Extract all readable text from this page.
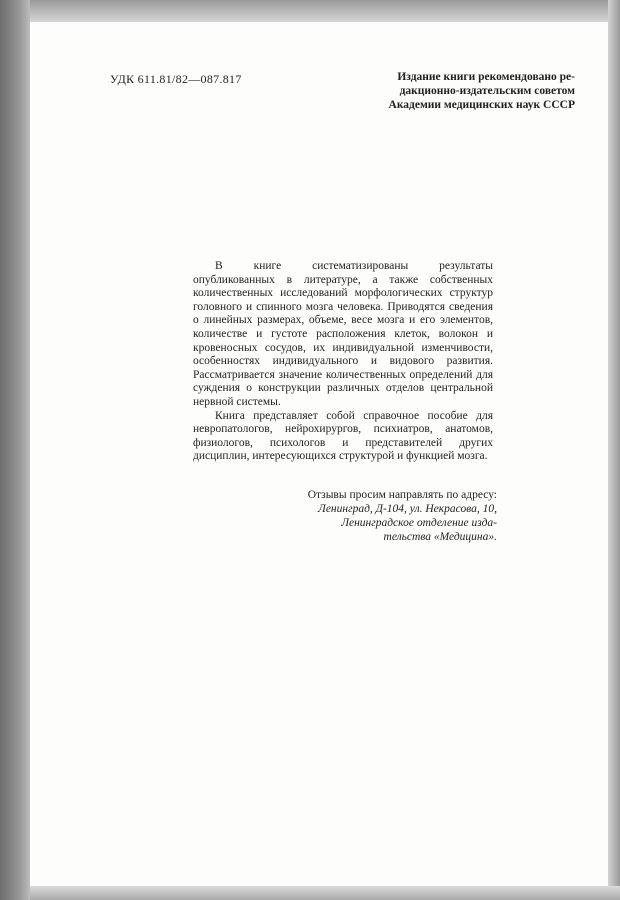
УДК 611.81/82—087.817	Издание книги рекомендовано ре-
дакционно-издательским советом
Академии медицинских наук СССР

В книге систематизированы результаты опубликованных в литературе, а также собственных количественных исследований морфологических структур головного и спинного мозга человека. Приводятся сведения о линейных размерах, объеме, весе мозга и его элементов, количестве и густоте расположения клеток, волокон и кровеносных сосудов, их индивидуальной изменчивости, особенностях индивидуального и видового развития. Рассматривается значение количественных определений для суждения о конструкции различных отделов центральной нервной системы.

Книга представляет собой справочное пособие для невропатологов, нейрохирургов, психиатров, анатомов, физиологов, психологов и представителей других дисциплин, интересующихся структурой и функцией мозга.

Отзывы просим направлять по адресу:
Ленинград, Д-104, ул. Некрасова, 10,
Ленинградское отделение изда-
тельства «Медицина».
